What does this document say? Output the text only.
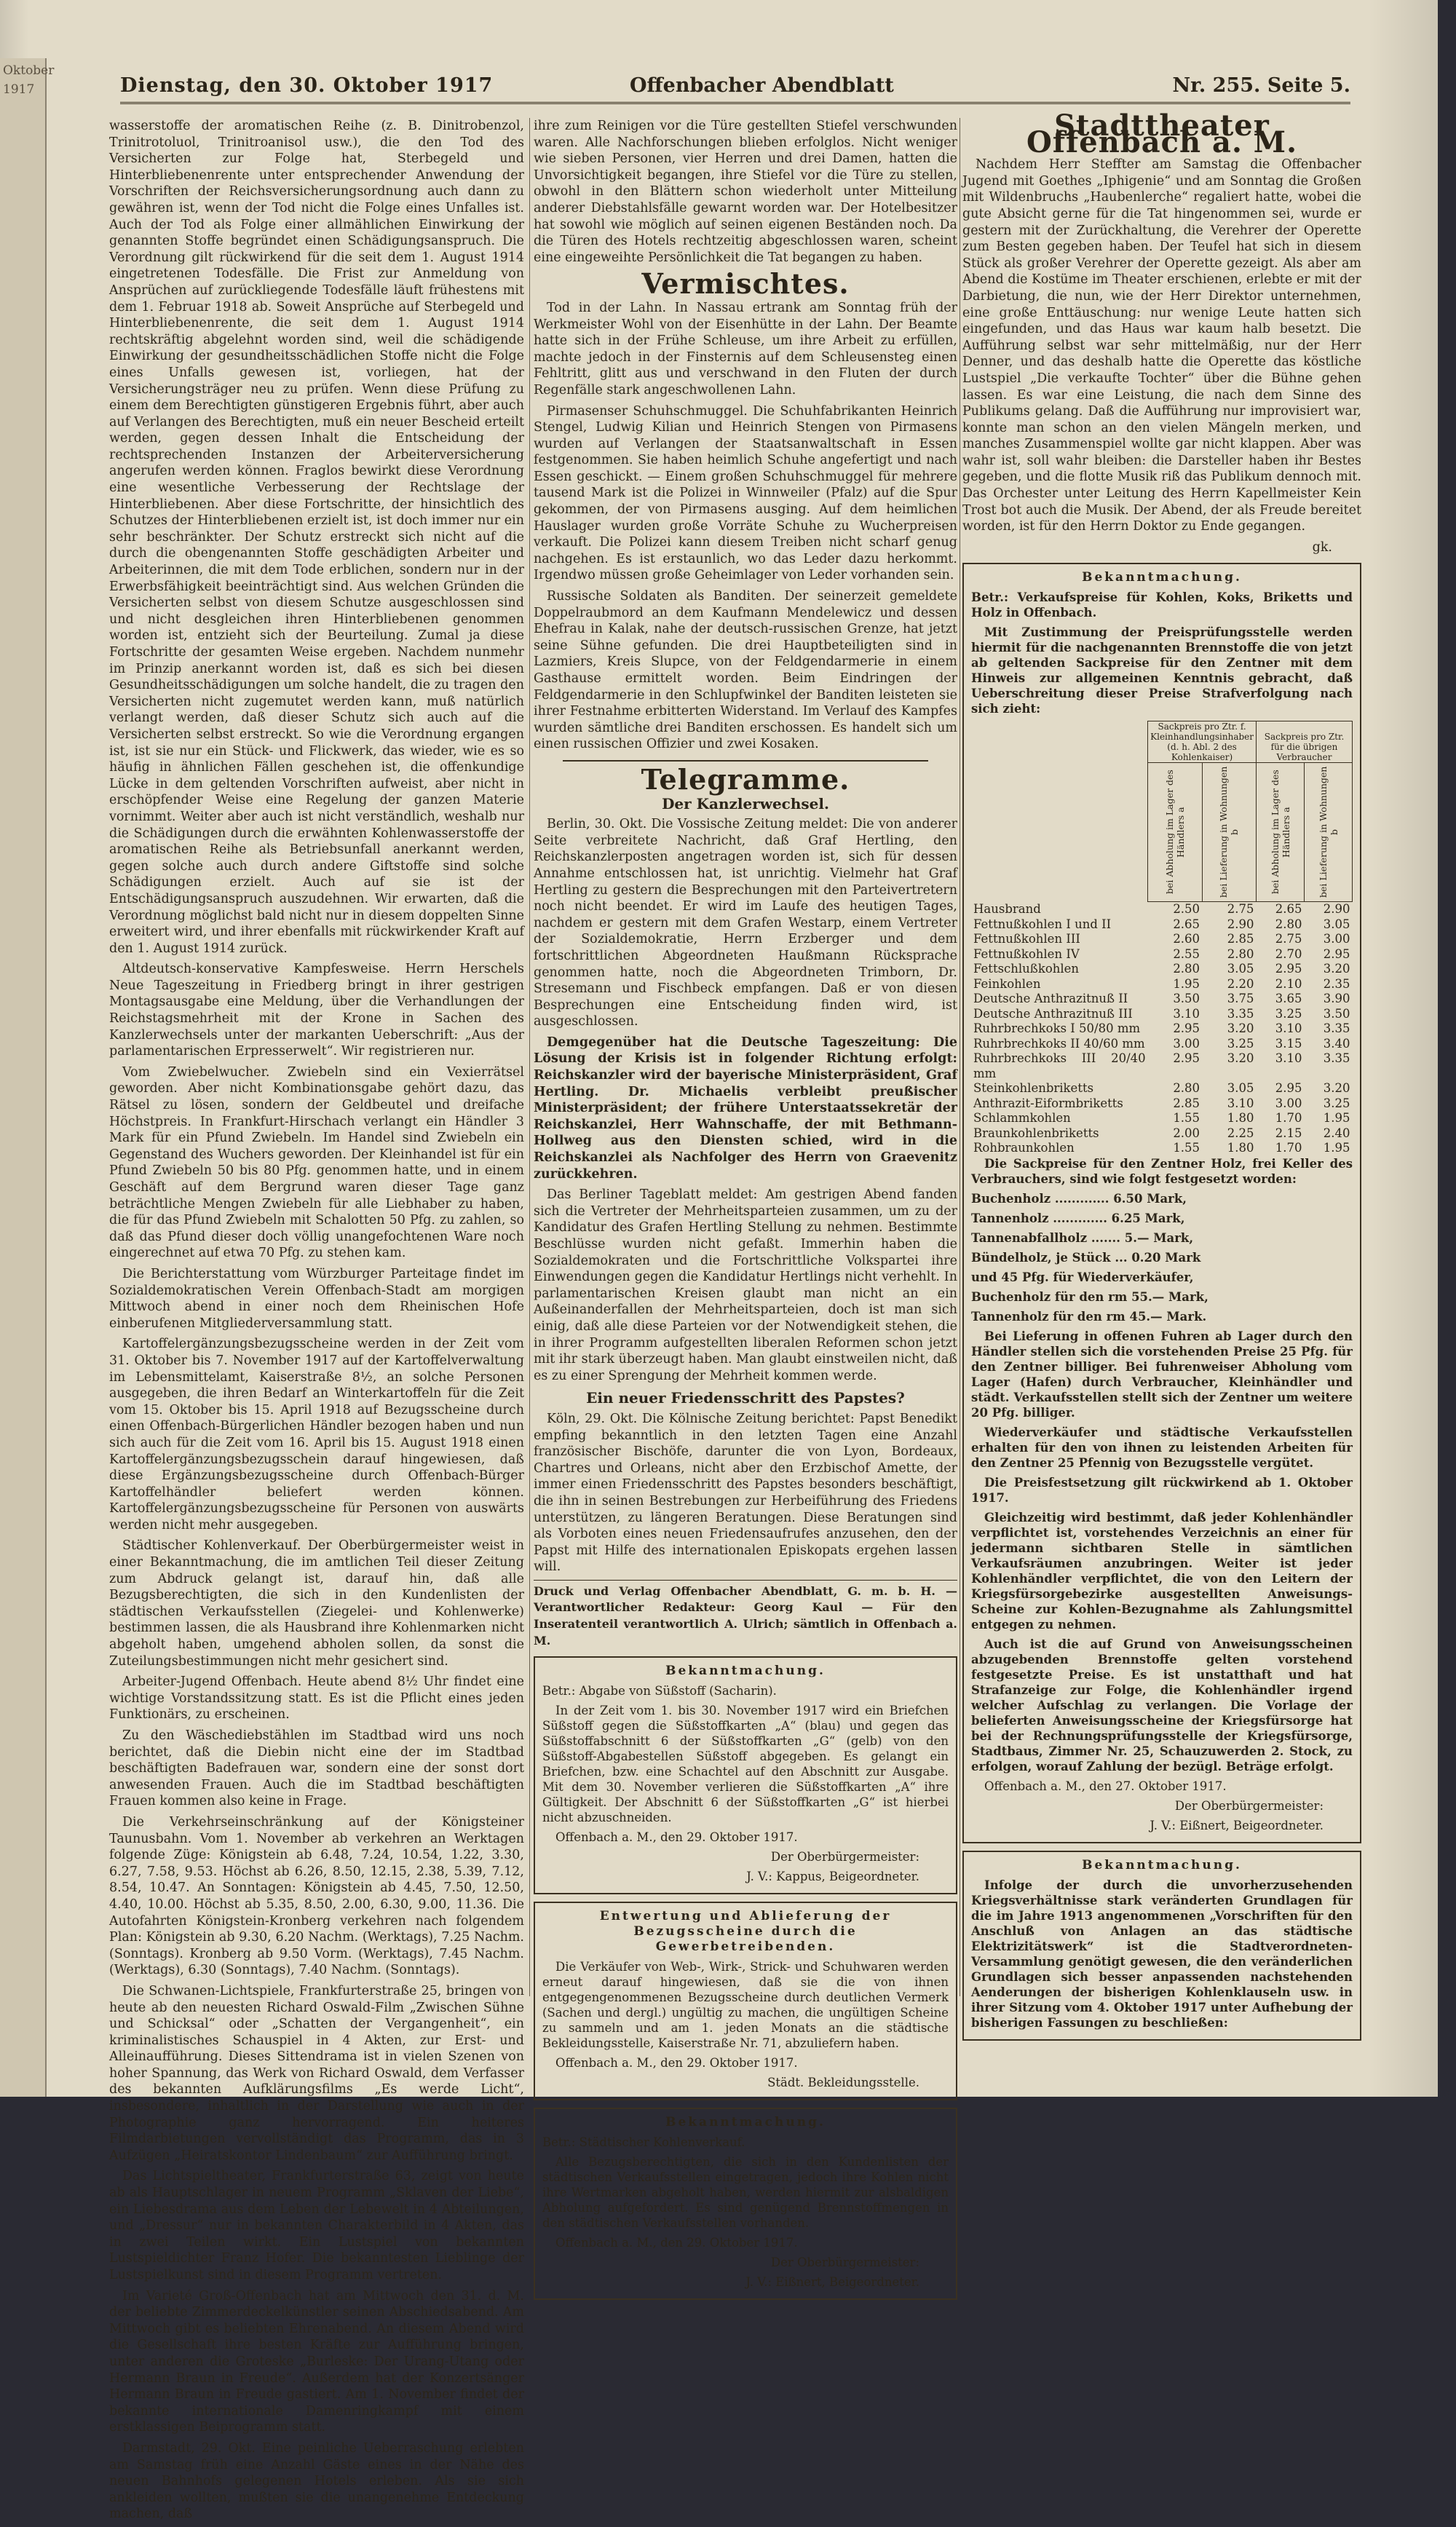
Oktober 1917	Dienstag, den 30. Oktober 1917	Offenbacher Abendblatt	Nr. 255. Seite 5.

wasserstoffe der aromatischen Reihe (z. B. Dinitrobenzol, Trinitrotoluol, Trinitroanisol usw.), die den Tod des Versicherten zur Folge hat, Sterbegeld und Hinterbliebenenrente unter entsprechender Anwendung der Vorschriften der Reichsversicherungsordnung auch dann zu gewähren ist, wenn der Tod nicht die Folge eines Unfalles ist. Auch der Tod als Folge einer allmählichen Einwirkung der genannten Stoffe begründet einen Schädigungsanspruch. Die Verordnung gilt rückwirkend für die seit dem 1. August 1914 eingetretenen Todesfälle. Die Frist zur Anmeldung von Ansprüchen auf zurückliegende Todesfälle läuft frühestens mit dem 1. Februar 1918 ab. Soweit Ansprüche auf Sterbegeld und Hinterbliebenenrente, die seit dem 1. August 1914 rechtskräftig abgelehnt worden sind, weil die schädigende Einwirkung der gesundheitsschädlichen Stoffe nicht die Folge eines Unfalls gewesen ist, vorliegen, hat der Versicherungsträger neu zu prüfen. Wenn diese Prüfung zu einem dem Berechtigten günstigeren Ergebnis führt, aber auch auf Verlangen des Berechtigten, muß ein neuer Bescheid erteilt werden, gegen dessen Inhalt die Entscheidung der rechtsprechenden Instanzen der Arbeiterversicherung angerufen werden können. Fraglos bewirkt diese Verordnung eine wesentliche Verbesserung der Rechtslage der Hinterbliebenen. Aber diese Fortschritte, der hinsichtlich des Schutzes der Hinterbliebenen erzielt ist, ist doch immer nur ein sehr beschränkter. Der Schutz erstreckt sich nicht auf die durch die obengenannten Stoffe geschädigten Arbeiter und Arbeiterinnen, die mit dem Tode erblichen, sondern nur in der Erwerbsfähigkeit beeinträchtigt sind. Aus welchen Gründen die Versicherten selbst von diesem Schutze ausgeschlossen sind und nicht desgleichen ihren Hinterbliebenen genommen worden ist, entzieht sich der Beurteilung. Zumal ja diese Fortschritte der gesamten Weise ergeben. Nachdem nunmehr im Prinzip anerkannt worden ist, daß es sich bei diesen Gesundheitsschädigungen um solche handelt, die zu tragen den Versicherten nicht zugemutet werden kann, muß natürlich verlangt werden, daß dieser Schutz sich auch auf die Versicherten selbst erstreckt. So wie die Verordnung ergangen ist, ist sie nur ein Stück- und Flickwerk, das wieder, wie es so häufig in ähnlichen Fällen geschehen ist, die offenkundige Lücke in dem geltenden Vorschriften aufweist, aber nicht in erschöpfender Weise eine Regelung der ganzen Materie vornimmt. Weiter aber auch ist nicht verständlich, weshalb nur die Schädigungen durch die erwähnten Kohlenwasserstoffe der aromatischen Reihe als Betriebsunfall anerkannt werden, gegen solche auch durch andere Giftstoffe sind solche Schädigungen erzielt. Auch auf sie ist der Entschädigungsanspruch auszudehnen. Wir erwarten, daß die Verordnung möglichst bald nicht nur in diesem doppelten Sinne erweitert wird, und ihrer ebenfalls mit rückwirkender Kraft auf den 1. August 1914 zurück.

Altdeutsch-konservative Kampfesweise. Herrn Herschels Neue Tageszeitung in Friedberg bringt in ihrer gestrigen Montagsausgabe eine Meldung, über die Verhandlungen der Reichstagsmehrheit mit der Krone in Sachen des Kanzlerwechsels unter der markanten Ueberschrift: „Aus der parlamentarischen Erpresserwelt“. Wir registrieren nur.

Vom Zwiebelwucher. Zwiebeln sind ein Vexierrätsel geworden. Aber nicht Kombinationsgabe gehört dazu, das Rätsel zu lösen, sondern der Geldbeutel und dreifache Höchstpreis. In Frankfurt-Hirschach verlangt ein Händler 3 Mark für ein Pfund Zwiebeln. Im Handel sind Zwiebeln ein Gegenstand des Wuchers geworden. Der Kleinhandel ist für ein Pfund Zwiebeln 50 bis 80 Pfg. genommen hatte, und in einem Geschäft auf dem Bergrund waren dieser Tage ganz beträchtliche Mengen Zwiebeln für alle Liebhaber zu haben, die für das Pfund Zwiebeln mit Schalotten 50 Pfg. zu zahlen, so daß das Pfund dieser doch völlig unangefochtenen Ware noch eingerechnet auf etwa 70 Pfg. zu stehen kam.

Die Berichterstattung vom Würzburger Parteitage findet im Sozialdemokratischen Verein Offenbach-Stadt am morgigen Mittwoch abend in einer noch dem Rheinischen Hofe einberufenen Mitgliederversammlung statt.

Kartoffelergänzungsbezugsscheine werden in der Zeit vom 31. Oktober bis 7. November 1917 auf der Kartoffelverwaltung im Lebensmittelamt, Kaiserstraße 8½, an solche Personen ausgegeben, die ihren Bedarf an Winterkartoffeln für die Zeit vom 15. Oktober bis 15. April 1918 auf Bezugsscheine durch einen Offenbach-Bürgerlichen Händler bezogen haben und nun sich auch für die Zeit vom 16. April bis 15. August 1918 einen Kartoffelergänzungsbezugsschein darauf hingewiesen, daß diese Ergänzungsbezugsscheine durch Offenbach-Bürger Kartoffelhändler beliefert werden können. Kartoffelergänzungsbezugsscheine für Personen von auswärts werden nicht mehr ausgegeben.

Städtischer Kohlenverkauf. Der Oberbürgermeister weist in einer Bekanntmachung, die im amtlichen Teil dieser Zeitung zum Abdruck gelangt ist, darauf hin, daß alle Bezugsberechtigten, die sich in den Kundenlisten der städtischen Verkaufsstellen (Ziegelei- und Kohlenwerke) bestimmen lassen, die als Hausbrand ihre Kohlenmarken nicht abgeholt haben, umgehend abholen sollen, da sonst die Zuteilungsbestimmungen nicht mehr gesichert sind.

Arbeiter-Jugend Offenbach. Heute abend 8½ Uhr findet eine wichtige Vorstandssitzung statt. Es ist die Pflicht eines jeden Funktionärs, zu erscheinen.

Zu den Wäschediebstählen im Stadtbad wird uns noch berichtet, daß die Diebin nicht eine der im Stadtbad beschäftigten Badefrauen war, sondern eine der sonst dort anwesenden Frauen. Auch die im Stadtbad beschäftigten Frauen kommen also keine in Frage.

Die Verkehrseinschränkung auf der Königsteiner Taunusbahn. Vom 1. November ab verkehren an Werktagen folgende Züge: Königstein ab 6.48, 7.24, 10.54, 1.22, 3.30, 6.27, 7.58, 9.53. Höchst ab 6.26, 8.50, 12.15, 2.38, 5.39, 7.12, 8.54, 10.47. An Sonntagen: Königstein ab 4.45, 7.50, 12.50, 4.40, 10.00. Höchst ab 5.35, 8.50, 2.00, 6.30, 9.00, 11.36. Die Autofahrten Königstein-Kronberg verkehren nach folgendem Plan: Königstein ab 9.30, 6.20 Nachm. (Werktags), 7.25 Nachm. (Sonntags). Kronberg ab 9.50 Vorm. (Werktags), 7.45 Nachm. (Werktags), 6.30 (Sonntags), 7.40 Nachm. (Sonntags).

Die Schwanen-Lichtspiele, Frankfurterstraße 25, bringen von heute ab den neuesten Richard Oswald-Film „Zwischen Sühne und Schicksal“ oder „Schatten der Vergangenheit“, ein kriminalistisches Schauspiel in 4 Akten, zur Erst- und Alleinaufführung. Dieses Sittendrama ist in vielen Szenen von hoher Spannung, das Werk von Richard Oswald, dem Verfasser des bekannten Aufklärungsfilms „Es werde Licht“, insbesondere, inhaltlich in der Darstellung wie auch in der Photographie ganz hervorragend. Ein heiteres Filmdarbietungen vervollständigt das Programm, das in 3 Aufzügen „Heiratskontor Lindenbaum“ zur Aufführung bringt.

Das Lichtspieltheater, Frankfurterstraße 63, zeigt von heute ab als Hauptschlager in neuem Programm „Sklaven der Liebe“, ein Liebesdrama aus dem Leben der Lebewelt in 4 Abteilungen, und „Dressur“ nur in bekannten Charakterbild in 4 Akten, das in zwei Teilen wirkt. Ein Lustspiel von bekannten Lustspieldichter Franz Hofer. Die bekanntesten Lieblinge der Lustspielkunst sind in diesem Programm vertreten.

Im Varieté Groß-Offenbach hat am Mittwoch den 31. d. M. der beliebte Zimmerdeckelkünstler seinen Abschiedsabend. Am Mittwoch gibt es beliebten Ehrenabend. An diesem Abend wird die Gesellschaft ihre besten Kräfte zur Aufführung bringen, unter anderen die Groteske „Burleske: Der Urang-Utang oder Hermann Braun in Freude“. Außerdem hat der Konzertsänger Hermann Braun in Freude gastiert. Am 1. November findet der bekannte internationale Damenringkampf mit einem erstklassigen Beiprogramm statt.

Darmstadt, 29. Okt. Eine peinliche Ueberraschung erlebten am Samstag früh eine Anzahl Gäste eines in der Nähe des neuen Bahnhofs gelegenen Hotels erleben. Als sie sich ankleiden wollten, mußten sie die unangenehme Entdeckung machen, daß

ihre zum Reinigen vor die Türe gestellten Stiefel verschwunden waren. Alle Nachforschungen blieben erfolglos. Nicht weniger wie sieben Personen, vier Herren und drei Damen, hatten die Unvorsichtigkeit begangen, ihre Stiefel vor die Türe zu stellen, obwohl in den Blättern schon wiederholt unter Mitteilung anderer Diebstahlsfälle gewarnt worden war. Der Hotelbesitzer hat sowohl wie möglich auf seinen eigenen Beständen noch. Da die Türen des Hotels rechtzeitig abgeschlossen waren, scheint eine eingeweihte Persönlichkeit die Tat begangen zu haben.

Vermischtes.

Tod in der Lahn. In Nassau ertrank am Sonntag früh der Werkmeister Wohl von der Eisenhütte in der Lahn. Der Beamte hatte sich in der Frühe Schleuse, um ihre Arbeit zu erfüllen, machte jedoch in der Finsternis auf dem Schleusensteg einen Fehltritt, glitt aus und verschwand in den Fluten der durch Regenfälle stark angeschwollenen Lahn.

Pirmasenser Schuhschmuggel. Die Schuhfabrikanten Heinrich Stengel, Ludwig Kilian und Heinrich Stengen von Pirmasens wurden auf Verlangen der Staatsanwaltschaft in Essen festgenommen. Sie haben heimlich Schuhe angefertigt und nach Essen geschickt. — Einem großen Schuhschmuggel für mehrere tausend Mark ist die Polizei in Winnweiler (Pfalz) auf die Spur gekommen, der von Pirmasens ausging. Auf dem heimlichen Hauslager wurden große Vorräte Schuhe zu Wucherpreisen verkauft. Die Polizei kann diesem Treiben nicht scharf genug nachgehen. Es ist erstaunlich, wo das Leder dazu herkommt. Irgendwo müssen große Geheimlager von Leder vorhanden sein.

Russische Soldaten als Banditen. Der seinerzeit gemeldete Doppelraubmord an dem Kaufmann Mendelewicz und dessen Ehefrau in Kalak, nahe der deutsch-russischen Grenze, hat jetzt seine Sühne gefunden. Die drei Hauptbeteiligten sind in Lazmiers, Kreis Slupce, von der Feldgendarmerie in einem Gasthause ermittelt worden. Beim Eindringen der Feldgendarmerie in den Schlupfwinkel der Banditen leisteten sie ihrer Festnahme erbitterten Widerstand. Im Verlauf des Kampfes wurden sämtliche drei Banditen erschossen. Es handelt sich um einen russischen Offizier und zwei Kosaken.

Telegramme.
Der Kanzlerwechsel.

Berlin, 30. Okt. Die Vossische Zeitung meldet: Die von anderer Seite verbreitete Nachricht, daß Graf Hertling, den Reichskanzlerposten angetragen worden ist, sich für dessen Annahme entschlossen hat, ist unrichtig. Vielmehr hat Graf Hertling zu gestern die Besprechungen mit den Parteivertretern noch nicht beendet. Er wird im Laufe des heutigen Tages, nachdem er gestern mit dem Grafen Westarp, einem Vertreter der Sozialdemokratie, Herrn Erzberger und dem fortschrittlichen Abgeordneten Haußmann Rücksprache genommen hatte, noch die Abgeordneten Trimborn, Dr. Stresemann und Fischbeck empfangen. Daß er von diesen Besprechungen eine Entscheidung finden wird, ist ausgeschlossen.

Demgegenüber hat die Deutsche Tageszeitung: Die Lösung der Krisis ist in folgender Richtung erfolgt: Reichskanzler wird der bayerische Ministerpräsident, Graf Hertling. Dr. Michaelis verbleibt preußischer Ministerpräsident; der frühere Unterstaatssekretär der Reichskanzlei, Herr Wahnschaffe, der mit Bethmann-Hollweg aus den Diensten schied, wird in die Reichskanzlei als Nachfolger des Herrn von Graevenitz zurückkehren.

Das Berliner Tageblatt meldet: Am gestrigen Abend fanden sich die Vertreter der Mehrheitsparteien zusammen, um zu der Kandidatur des Grafen Hertling Stellung zu nehmen. Bestimmte Beschlüsse wurden nicht gefaßt. Immerhin haben die Sozialdemokraten und die Fortschrittliche Volkspartei ihre Einwendungen gegen die Kandidatur Hertlings nicht verhehlt. In parlamentarischen Kreisen glaubt man nicht an ein Außeinanderfallen der Mehrheitsparteien, doch ist man sich einig, daß alle diese Parteien vor der Notwendigkeit stehen, die in ihrer Programm aufgestellten liberalen Reformen schon jetzt mit ihr stark überzeugt haben. Man glaubt einstweilen nicht, daß es zu einer Sprengung der Mehrheit kommen werde.

Ein neuer Friedensschritt des Papstes?

Köln, 29. Okt. Die Kölnische Zeitung berichtet: Papst Benedikt empfing bekanntlich in den letzten Tagen eine Anzahl französischer Bischöfe, darunter die von Lyon, Bordeaux, Chartres und Orleans, nicht aber den Erzbischof Amette, der immer einen Friedensschritt des Papstes besonders beschäftigt, die ihn in seinen Bestrebungen zur Herbeiführung des Friedens unterstützen, zu längeren Beratungen. Diese Beratungen sind als Vorboten eines neuen Friedensaufrufes anzusehen, den der Papst mit Hilfe des internationalen Episkopats ergehen lassen will.

Druck und Verlag Offenbacher Abendblatt, G. m. b. H. — Verantwortlicher Redakteur: Georg Kaul — Für den Inseratenteil verantwortlich A. Ulrich; sämtlich in Offenbach a. M.

Bekanntmachung.

Betr.: Abgabe von Süßstoff (Sacharin).

In der Zeit vom 1. bis 30. November 1917 wird ein Briefchen Süßstoff gegen die Süßstoffkarten „A“ (blau) und gegen das Süßstoffabschnitt 6 der Süßstoffkarten „G“ (gelb) von den Süßstoff-Abgabestellen Süßstoff abgegeben. Es gelangt ein Briefchen, bzw. eine Schachtel auf den Abschnitt zur Ausgabe. Mit dem 30. November verlieren die Süßstoffkarten „A“ ihre Gültigkeit. Der Abschnitt 6 der Süßstoffkarten „G“ ist hierbei nicht abzuschneiden.

Offenbach a. M., den 29. Oktober 1917.

Der Oberbürgermeister:

J. V.: Kappus, Beigeordneter.

Entwertung und Ablieferung der Bezugsscheine durch die Gewerbetreibenden.

Die Verkäufer von Web-, Wirk-, Strick- und Schuhwaren werden erneut darauf hingewiesen, daß sie die von ihnen entgegengenommenen Bezugsscheine durch deutlichen Vermerk (Sachen und dergl.) ungültig zu machen, die ungültigen Scheine zu sammeln und am 1. jeden Monats an die städtische Bekleidungsstelle, Kaiserstraße Nr. 71, abzuliefern haben.

Offenbach a. M., den 29. Oktober 1917.

Städt. Bekleidungsstelle.

Bekanntmachung.

Betr.: Städtischer Kohlenverkauf.

Alle Bezugsberechtigten, die sich in den Kundenlisten der städtischen Verkaufsstellen eingetragen, jedoch ihre Kohlen nicht ihre Wertmarken abgeholt haben, werden hiermit zur alsbaldigen Abholung aufgefordert. Es sind genügend Brennstoffmengen in den städtischen Verkaufsstellen vorhanden.

Offenbach a. M., den 29. Oktober 1917.

Der Oberbürgermeister:

J. V.: Eißnert, Beigeordneter.

Stadttheater Offenbach a. M.

Nachdem Herr Steffter am Samstag die Offenbacher Jugend mit Goethes „Iphigenie“ und am Sonntag die Großen mit Wildenbruchs „Haubenlerche“ regaliert hatte, wobei die gute Absicht gerne für die Tat hingenommen sei, wurde er gestern mit der Zurückhaltung, die Verehrer der Operette zum Besten gegeben haben. Der Teufel hat sich in diesem Stück als großer Verehrer der Operette gezeigt. Als aber am Abend die Kostüme im Theater erschienen, erlebte er mit der Darbietung, die nun, wie der Herr Direktor unternehmen, eine große Enttäuschung: nur wenige Leute hatten sich eingefunden, und das Haus war kaum halb besetzt. Die Aufführung selbst war sehr mittelmäßig, nur der Herr Denner, und das deshalb hatte die Operette das köstliche Lustspiel „Die verkaufte Tochter“ über die Bühne gehen lassen. Es war eine Leistung, die nach dem Sinne des Publikums gelang. Daß die Aufführung nur improvisiert war, konnte man schon an den vielen Mängeln merken, und manches Zusammenspiel wollte gar nicht klappen. Aber was wahr ist, soll wahr bleiben: die Darsteller haben ihr Bestes gegeben, und die flotte Musik riß das Publikum dennoch mit. Das Orchester unter Leitung des Herrn Kapellmeister Kein Trost bot auch die Musik. Der Abend, der als Freude bereitet worden, ist für den Herrn Doktor zu Ende gegangen.

gk.

Bekanntmachung.

Betr.: Verkaufspreise für Kohlen, Koks, Briketts und Holz in Offenbach.

Mit Zustimmung der Preisprüfungsstelle werden hiermit für die nachgenannten Brennstoffe die von jetzt ab geltenden Sackpreise für den Zentner mit dem Hinweis zur allgemeinen Kenntnis gebracht, daß Ueberschreitung dieser Preise Strafverfolgung nach sich zieht:

	Sackpreis pro Ztr. f. Kleinhandlungsinhaber (d. h. Abl. 2 des Kohlenkaiser)		Sackpreis pro Ztr. für die übrigen Verbraucher	

	bei Abholung im Lager des Händlers a	bei Lieferung in Wohnungen b	bei Abholung im Lager des Händlers a	bei Lieferung in Wohnungen b

Hausbrand	2.50	2.75	2.65	2.90
Fettnußkohlen I und II	2.65	2.90	2.80	3.05
Fettnußkohlen III	2.60	2.85	2.75	3.00
Fettnußkohlen IV	2.55	2.80	2.70	2.95
Fettschlußkohlen	2.80	3.05	2.95	3.20
Feinkohlen	1.95	2.20	2.10	2.35
Deutsche Anthrazitnuß II	3.50	3.75	3.65	3.90
Deutsche Anthrazitnuß III	3.10	3.35	3.25	3.50
Ruhrbrechkoks I 50/80 mm	2.95	3.20	3.10	3.35
Ruhrbrechkoks II 40/60 mm	3.00	3.25	3.15	3.40
Ruhrbrechkoks III 20/40 mm	2.95	3.20	3.10	3.35
Steinkohlenbriketts	2.80	3.05	2.95	3.20
Anthrazit-Eiformbriketts	2.85	3.10	3.00	3.25
Schlammkohlen	1.55	1.80	1.70	1.95
Braunkohlenbriketts	2.00	2.25	2.15	2.40
Rohbraunkohlen	1.55	1.80	1.70	1.95

Die Sackpreise für den Zentner Holz, frei Keller des Verbrauchers, sind wie folgt festgesetzt worden:

Buchenholz ............. 6.50 Mark,

Tannenholz ............. 6.25 Mark,

Tannenabfallholz ....... 5.— Mark,

Bündelholz, je Stück ... 0.20 Mark

und 45 Pfg. für Wiederverkäufer,

Buchenholz für den rm 55.— Mark,

Tannenholz für den rm 45.— Mark.

Bei Lieferung in offenen Fuhren ab Lager durch den Händler stellen sich die vorstehenden Preise 25 Pfg. für den Zentner billiger. Bei fuhrenweiser Abholung vom Lager (Hafen) durch Verbraucher, Kleinhändler und städt. Verkaufsstellen stellt sich der Zentner um weitere 20 Pfg. billiger.

Wiederverkäufer und städtische Verkaufsstellen erhalten für den von ihnen zu leistenden Arbeiten für den Zentner 25 Pfennig von Bezugsstelle vergütet.

Die Preisfestsetzung gilt rückwirkend ab 1. Oktober 1917.

Gleichzeitig wird bestimmt, daß jeder Kohlenhändler verpflichtet ist, vorstehendes Verzeichnis an einer für jedermann sichtbaren Stelle in sämtlichen Verkaufsräumen anzubringen. Weiter ist jeder Kohlenhändler verpflichtet, die von den Leitern der Kriegsfürsorgebezirke ausgestellten Anweisungs-Scheine zur Kohlen-Bezugnahme als Zahlungsmittel entgegen zu nehmen.

Auch ist die auf Grund von Anweisungsscheinen abzugebenden Brennstoffe gelten vorstehend festgesetzte Preise. Es ist unstatthaft und hat Strafanzeige zur Folge, die Kohlenhändler irgend welcher Aufschlag zu verlangen. Die Vorlage der belieferten Anweisungsscheine der Kriegsfürsorge hat bei der Rechnungsprüfungsstelle der Kriegsfürsorge, Stadtbaus, Zimmer Nr. 25, Schauzuwerden 2. Stock, zu erfolgen, worauf Zahlung der bezügl. Beträge erfolgt.

Offenbach a. M., den 27. Oktober 1917.

Der Oberbürgermeister:

J. V.: Eißnert, Beigeordneter.

Bekanntmachung.

Infolge der durch die unvorherzusehenden Kriegsverhältnisse stark veränderten Grundlagen für die im Jahre 1913 angenommenen „Vorschriften für den Anschluß von Anlagen an das städtische Elektrizitätswerk“ ist die Stadtverordneten-Versammlung genötigt gewesen, die den veränderlichen Grundlagen sich besser anpassenden nachstehenden Aenderungen der bisherigen Kohlenklauseln usw. in ihrer Sitzung vom 4. Oktober 1917 unter Aufhebung der bisherigen Fassungen zu beschließen:
